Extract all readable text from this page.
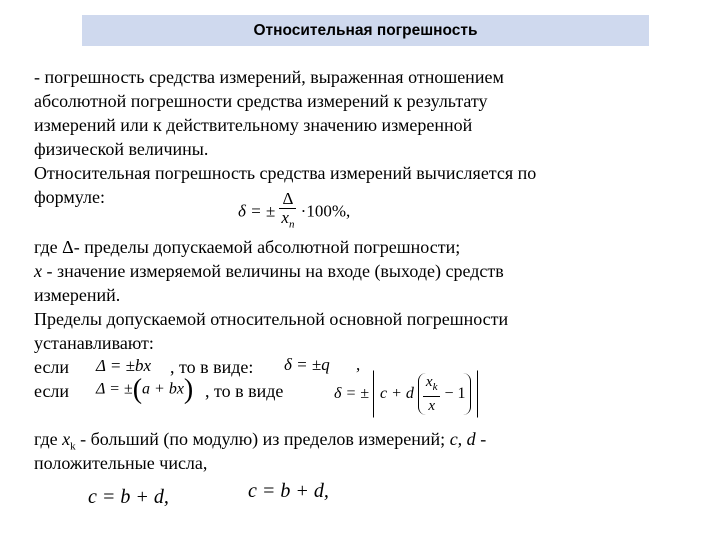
Относительная погрешность
- погрешность средства измерений, выраженная отношением
абсолютной погрешности средства измерений к результату
измерений или к действительному значению измеренной
физической величины.
Относительная погрешность средства измерений вычисляется по
формуле:
δ = ± $\frac{\Delta}{x_n} \cdot 100\%$,
где Δ- пределы допускаемой абсолютной погрешности;
x - значение измеряемой величины на входе (выходе) средств
измерений.
Пределы допускаемой относительной основной погрешности
устанавливают:
если Δ = ±bx , то в виде: δ = ±q ,
если Δ = ±(a + bx) , то в виде	δ = ± c + d $\frac{x_k}{x} - 1$
где $x_k$ - больший (по модулю) из пределов измерений; c, d -
положительные числа,
c = b + d,	c = b + d,
